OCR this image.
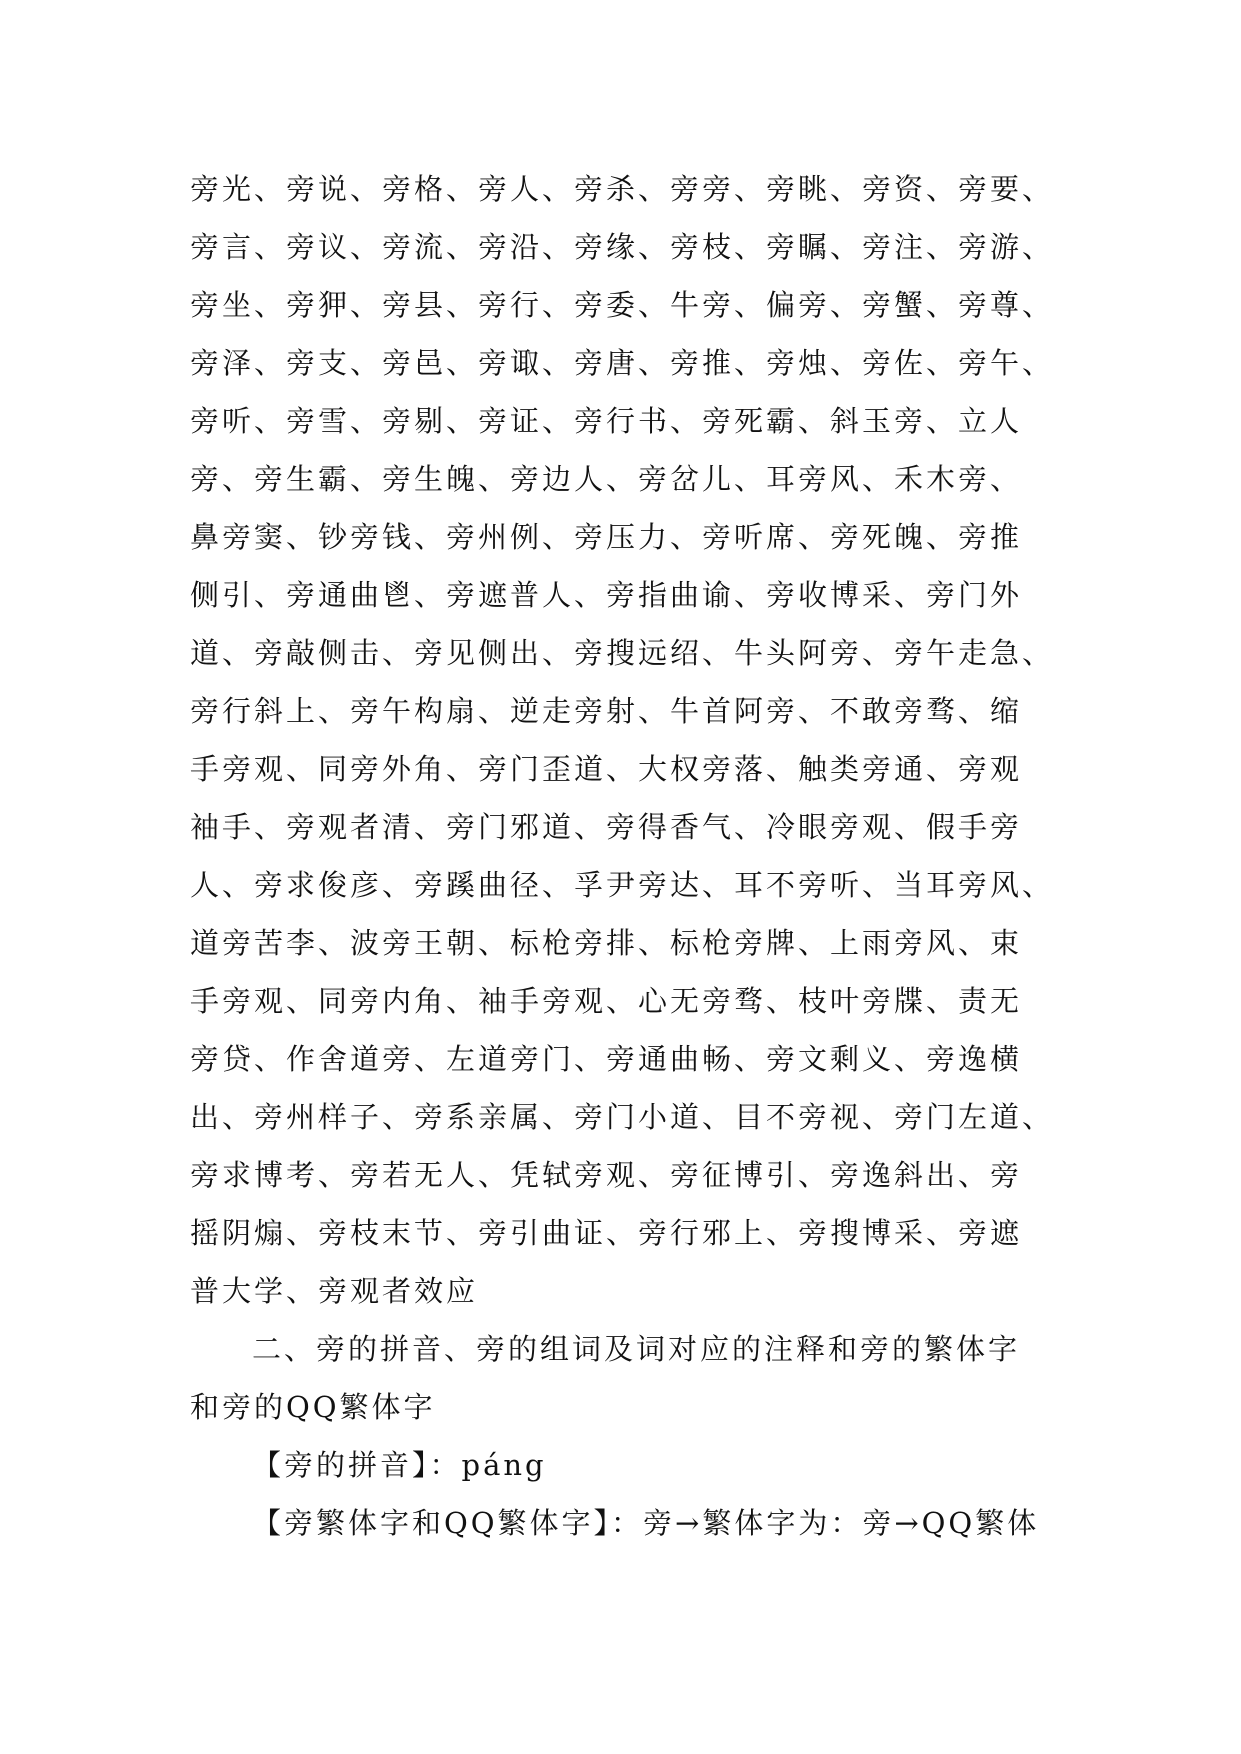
旁光、旁说、旁格、旁人、旁杀、旁旁、旁眺、旁资、旁要、

旁言、旁议、旁流、旁沿、旁缘、旁枝、旁瞩、旁注、旁游、

旁坐、旁狎、旁县、旁行、旁委、牛旁、偏旁、旁蟹、旁尊、

旁泽、旁支、旁邑、旁诹、旁唐、旁推、旁烛、旁佐、旁午、

旁听、旁雪、旁剔、旁证、旁行书、旁死霸、斜玉旁、立人

旁、旁生霸、旁生魄、旁边人、旁岔儿、耳旁风、禾木旁、

鼻旁窦、钞旁钱、旁州例、旁压力、旁听席、旁死魄、旁推

侧引、旁通曲鬯、旁遮普人、旁指曲谕、旁收博采、旁门外

道、旁敲侧击、旁见侧出、旁搜远绍、牛头阿旁、旁午走急、

旁行斜上、旁午构扇、逆走旁射、牛首阿旁、不敢旁骛、缩

手旁观、同旁外角、旁门歪道、大权旁落、触类旁通、旁观

袖手、旁观者清、旁门邪道、旁得香气、冷眼旁观、假手旁

人、旁求俊彦、旁蹊曲径、孚尹旁达、耳不旁听、当耳旁风、

道旁苦李、波旁王朝、标枪旁排、标枪旁牌、上雨旁风、束

手旁观、同旁内角、袖手旁观、心无旁骛、枝叶旁牒、责无

旁贷、作舍道旁、左道旁门、旁通曲畅、旁文剩义、旁逸横

出、旁州样子、旁系亲属、旁门小道、目不旁视、旁门左道、

旁求博考、旁若无人、凭轼旁观、旁征博引、旁逸斜出、旁

摇阴煽、旁枝末节、旁引曲证、旁行邪上、旁搜博采、旁遮

普大学、旁观者效应

二、旁的拼音、旁的组词及词对应的注释和旁的繁体字

和旁的QQ繁体字

【旁的拼音】：páng

【旁繁体字和QQ繁体字】：旁→繁体字为：旁→QQ繁体
